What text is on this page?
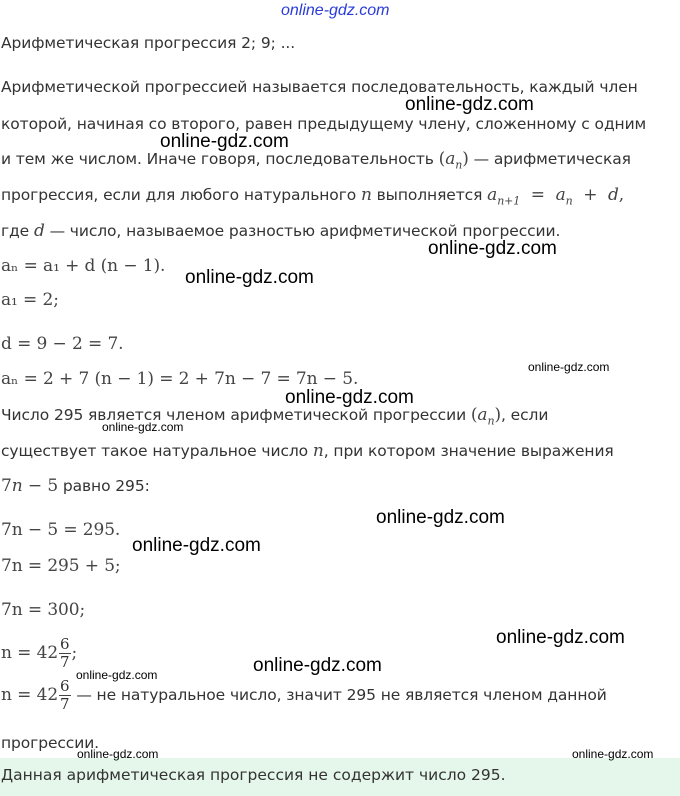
online-gdz.com
Арифметическая прогрессия 2; 9; ...
Арифметической прогрессией называется последовательность, каждый член
которой, начиная со второго, равен предыдущему члену, сложенному с одним
и тем же числом. Иначе говоря, последовательность $(a_n)$ — арифметическая
прогрессия, если для любого натурального n выполняется $a_{n+1} = a_n + d$,
где d — число, называемое разностью арифметической прогрессии.
aₙ = a₁ + d (n − 1).
a₁ = 2;
d = 9 − 2 = 7.
aₙ = 2 + 7 (n − 1) = 2 + 7n − 7 = 7n − 5.
Число 295 является членом арифметической прогрессии $(a_n)$, если
существует такое натуральное число n, при котором значение выражения
7n − 5 равно 295:
7n − 5 = 295.
7n = 295 + 5;
7n = 300;
$n = 42 \frac{6}{7}$ ;
$n = 42 \frac{6}{7}$ — не натуральное число, значит 295 не является членом данной
прогрессии.
Данная арифметическая прогрессия не содержит число 295.
online-gdz.com
online-gdz.com
online-gdz.com
online-gdz.com
online-gdz.com
online-gdz.com
online-gdz.com
online-gdz.com
online-gdz.com
online-gdz.com
online-gdz.com
online-gdz.com
online-gdz.com	online-gdz.com
